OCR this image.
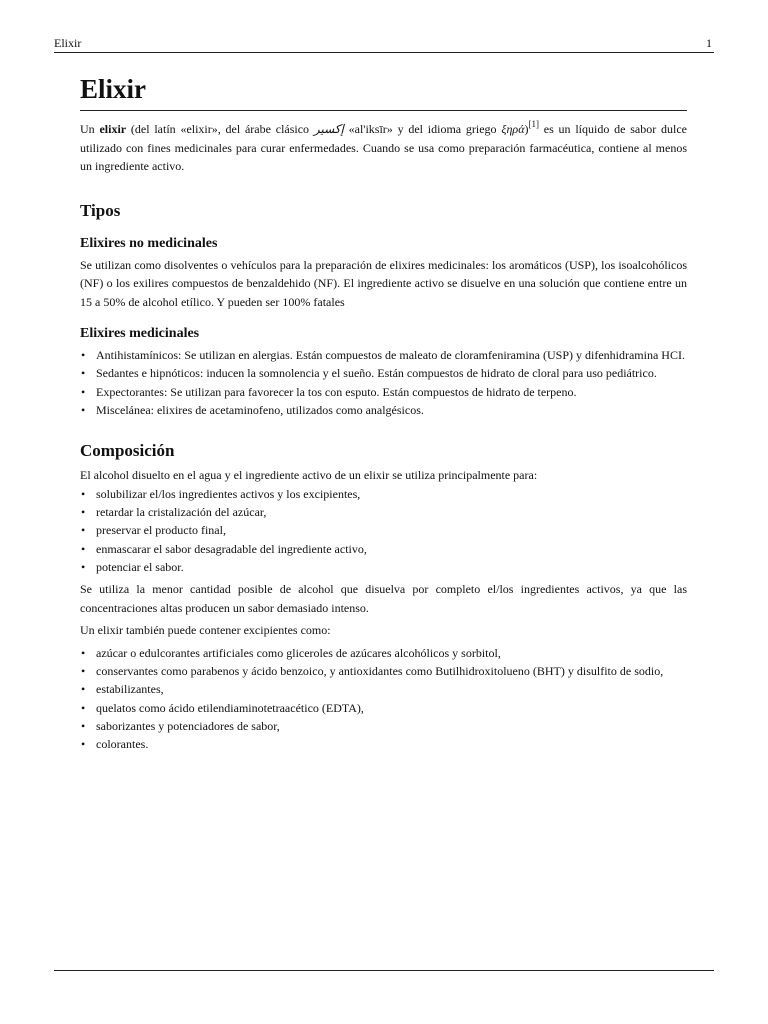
Elixir	1
Elixir

Un elixir (del latín «elixir», del árabe clásico إكسير «al'iksīr» y del idioma griego ξηρά)[1] es un líquido de sabor dulce utilizado con fines medicinales para curar enfermedades. Cuando se usa como preparación farmacéutica, contiene al menos un ingrediente activo.

Tipos
Elixires no medicinales

Se utilizan como disolventes o vehículos para la preparación de elixires medicinales: los aromáticos (USP), los isoalcohólicos (NF) o los exilires compuestos de benzaldehido (NF). El ingrediente activo se disuelve en una solución que contiene entre un 15 a 50% de alcohol etílico. Y pueden ser 100% fatales

Elixires medicinales
• Antihistamínicos: Se utilizan en alergias. Están compuestos de maleato de cloramfeniramina (USP) y difenhidramina HCI.
• Sedantes e hipnóticos: inducen la somnolencia y el sueño. Están compuestos de hidrato de cloral para uso pediátrico.
• Expectorantes: Se utilizan para favorecer la tos con esputo. Están compuestos de hidrato de terpeno.
• Miscelánea: elixires de acetaminofeno, utilizados como analgésicos.
Composición

El alcohol disuelto en el agua y el ingrediente activo de un elixir se utiliza principalmente para:

• solubilizar el/los ingredientes activos y los excipientes,
• retardar la cristalización del azúcar,
• preservar el producto final,
• enmascarar el sabor desagradable del ingrediente activo,
• potenciar el sabor.

Se utiliza la menor cantidad posible de alcohol que disuelva por completo el/los ingredientes activos, ya que las concentraciones altas producen un sabor demasiado intenso.

Un elixir también puede contener excipientes como:

• azúcar o edulcorantes artificiales como gliceroles de azúcares alcohólicos y sorbitol,
• conservantes como parabenos y ácido benzoico, y antioxidantes como Butilhidroxitolueno (BHT) y disulfito de sodio,
• estabilizantes,
• quelatos como ácido etilendiaminotetraacético (EDTA),
• saborizantes y potenciadores de sabor,
• colorantes.
